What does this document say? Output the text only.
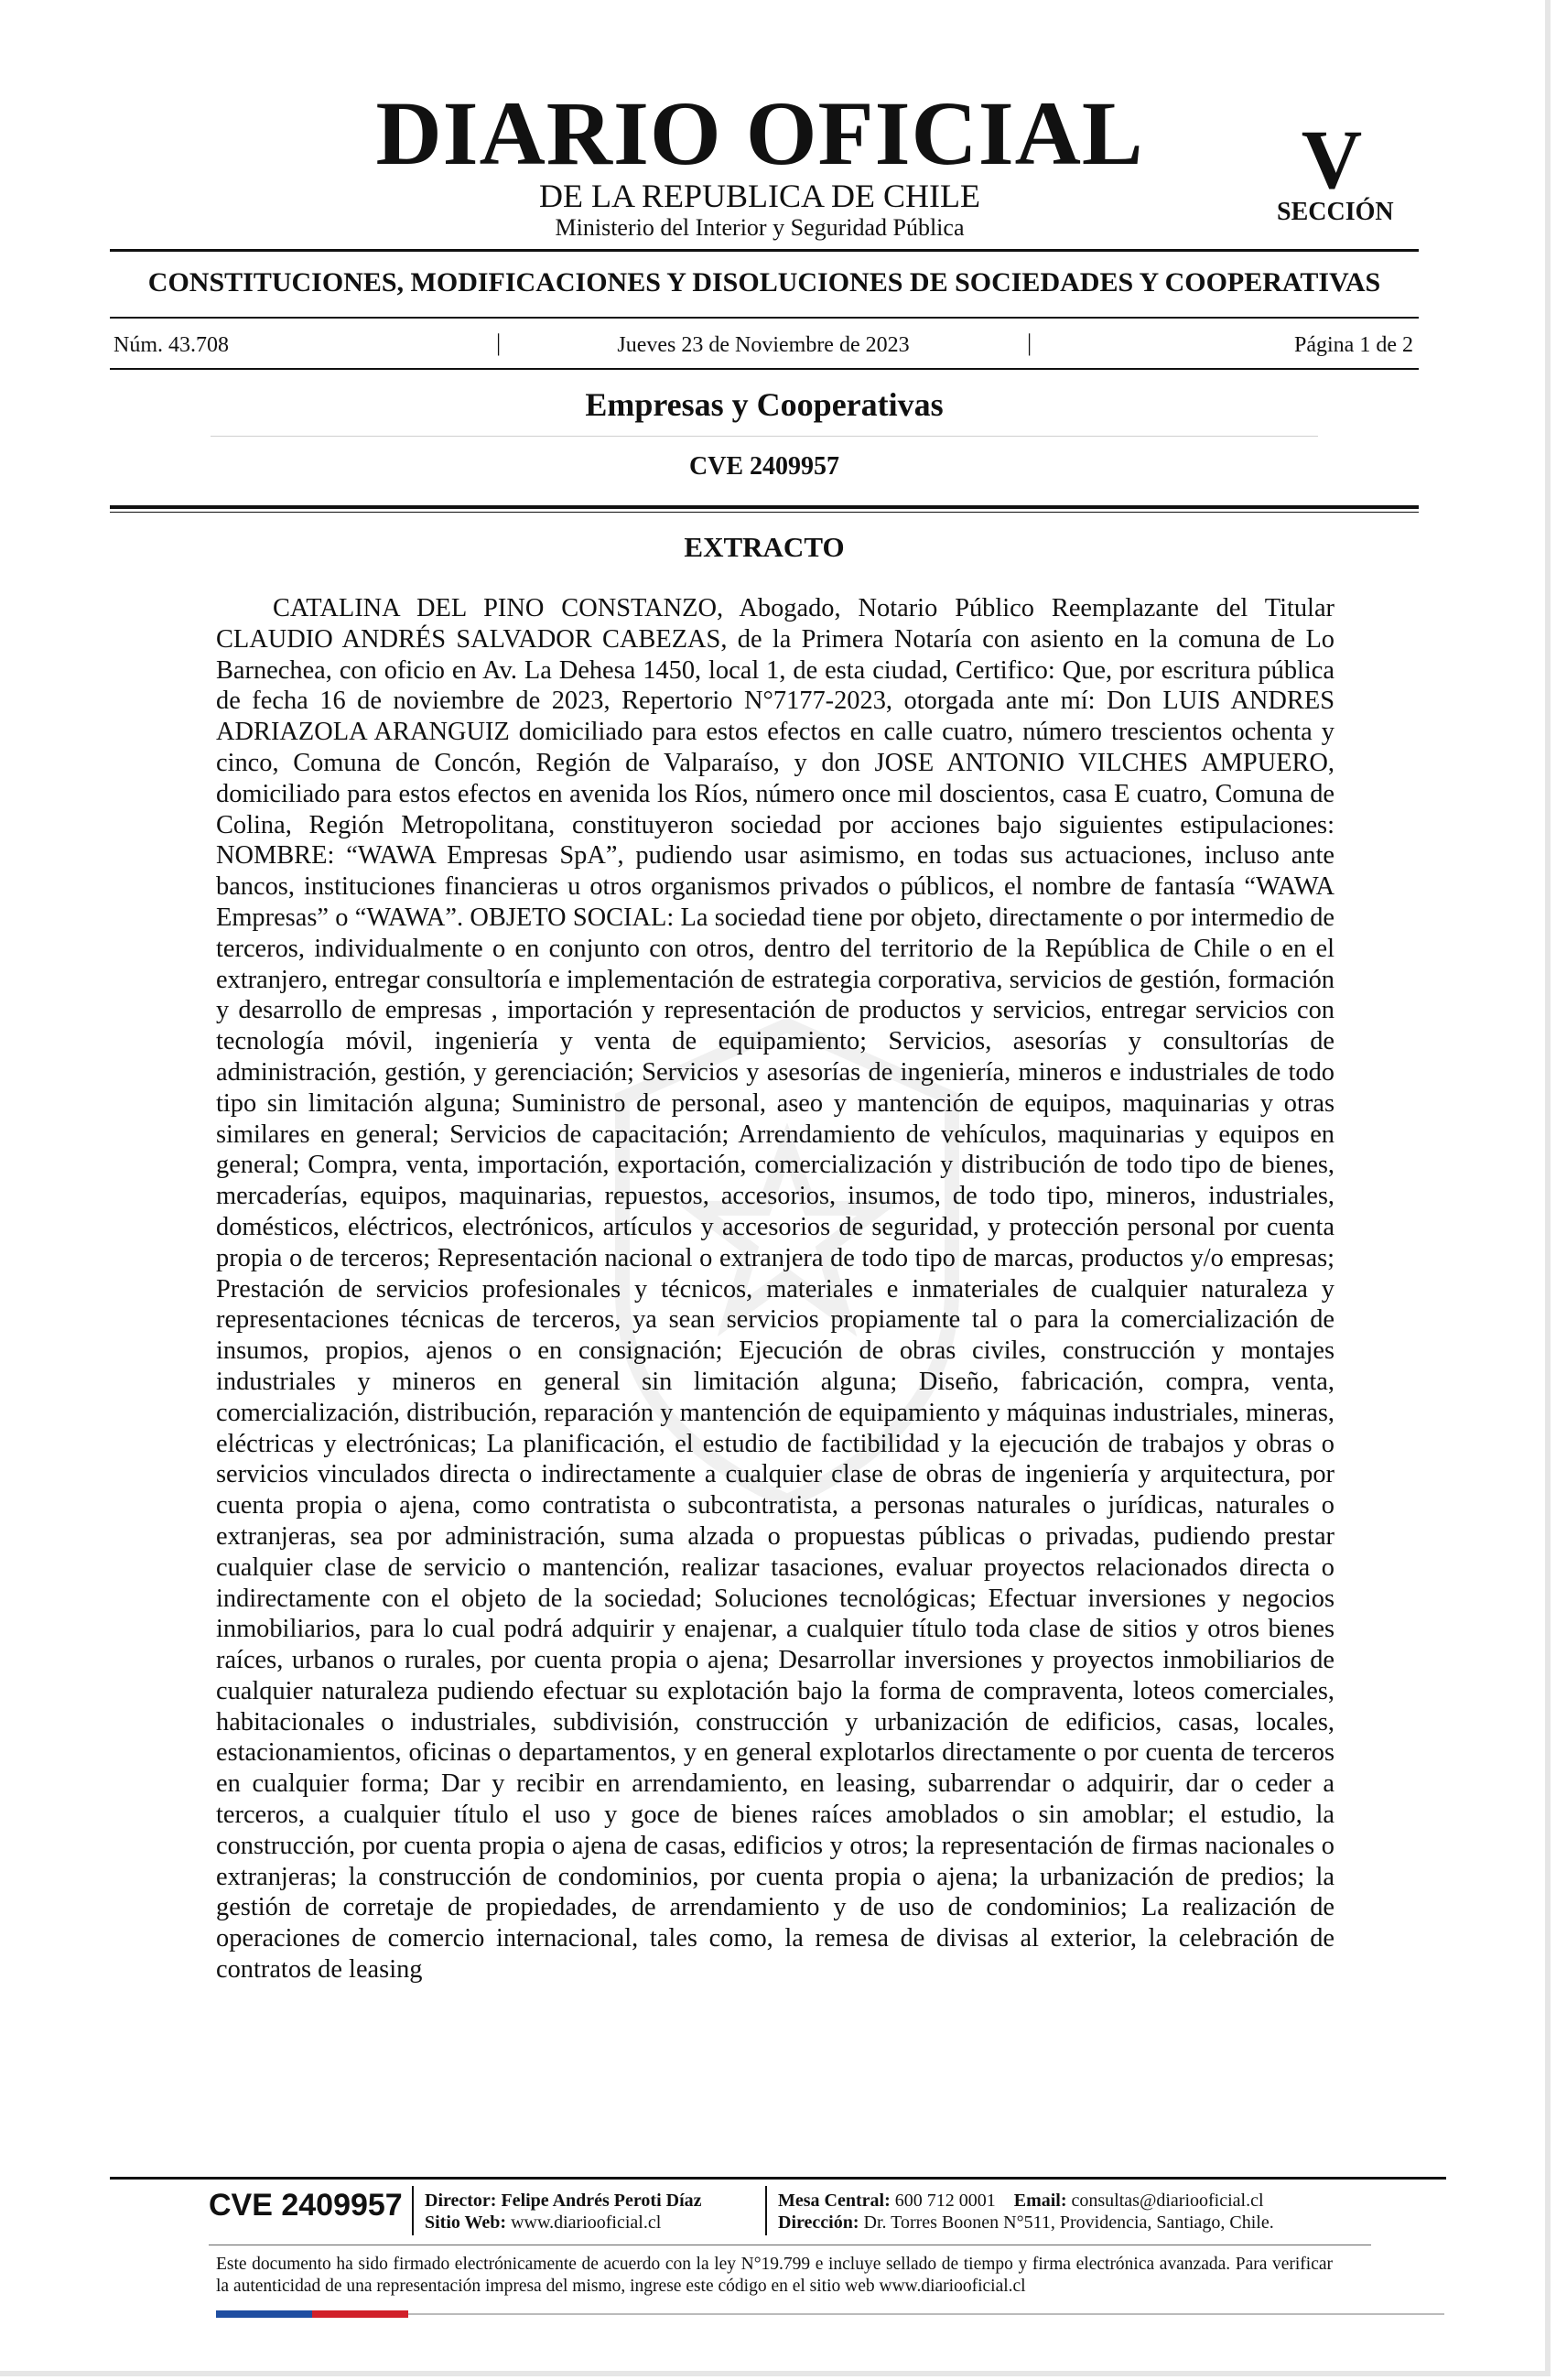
DIARIO OFICIAL
DE LA REPUBLICA DE CHILE
Ministerio del Interior y Seguridad Pública
V
SECCIÓN
CONSTITUCIONES, MODIFICACIONES Y DISOLUCIONES DE SOCIEDADES Y COOPERATIVAS
Núm. 43.708	|	Jueves 23 de Noviembre de 2023	|	Página 1 de 2
Empresas y Cooperativas
CVE 2409957
EXTRACTO
CATALINA DEL PINO CONSTANZO, Abogado, Notario Público Reemplazante del Titular CLAUDIO ANDRÉS SALVADOR CABEZAS, de la Primera Notaría con asiento en la comuna de Lo Barnechea, con oficio en Av. La Dehesa 1450, local 1, de esta ciudad, Certifico: Que, por escritura pública de fecha 16 de noviembre de 2023, Repertorio N°7177-2023, otorgada ante mí: Don LUIS ANDRES ADRIAZOLA ARANGUIZ domiciliado para estos efectos en calle cuatro, número trescientos ochenta y cinco, Comuna de Concón, Región de Valparaíso, y don JOSE ANTONIO VILCHES AMPUERO, domiciliado para estos efectos en avenida los Ríos, número once mil doscientos, casa E cuatro, Comuna de Colina, Región Metropolitana, constituyeron sociedad por acciones bajo siguientes estipulaciones: NOMBRE: “WAWA Empresas SpA”, pudiendo usar asimismo, en todas sus actuaciones, incluso ante bancos, instituciones financieras u otros organismos privados o públicos, el nombre de fantasía “WAWA Empresas” o “WAWA”. OBJETO SOCIAL: La sociedad tiene por objeto, directamente o por intermedio de terceros, individualmente o en conjunto con otros, dentro del territorio de la República de Chile o en el extranjero, entregar consultoría e implementación de estrategia corporativa, servicios de gestión, formación y desarrollo de empresas , importación y representación de productos y servicios, entregar servicios con tecnología móvil, ingeniería y venta de equipamiento; Servicios, asesorías y consultorías de administración, gestión, y gerenciación; Servicios y asesorías de ingeniería, mineros e industriales de todo tipo sin limitación alguna; Suministro de personal, aseo y mantención de equipos, maquinarias y otras similares en general; Servicios de capacitación; Arrendamiento de vehículos, maquinarias y equipos en general; Compra, venta, importación, exportación, comercialización y distribución de todo tipo de bienes, mercaderías, equipos, maquinarias, repuestos, accesorios, insumos, de todo tipo, mineros, industriales, domésticos, eléctricos, electrónicos, artículos y accesorios de seguridad, y protección personal por cuenta propia o de terceros; Representación nacional o extranjera de todo tipo de marcas, productos y/o empresas; Prestación de servicios profesionales y técnicos, materiales e inmateriales de cualquier naturaleza y representaciones técnicas de terceros, ya sean servicios propiamente tal o para la comercialización de insumos, propios, ajenos o en consignación; Ejecución de obras civiles, construcción y montajes industriales y mineros en general sin limitación alguna; Diseño, fabricación, compra, venta, comercialización, distribución, reparación y mantención de equipamiento y máquinas industriales, mineras, eléctricas y electrónicas; La planificación, el estudio de factibilidad y la ejecución de trabajos y obras o servicios vinculados directa o indirectamente a cualquier clase de obras de ingeniería y arquitectura, por cuenta propia o ajena, como contratista o subcontratista, a personas naturales o jurídicas, naturales o extranjeras, sea por administración, suma alzada o propuestas públicas o privadas, pudiendo prestar cualquier clase de servicio o mantención, realizar tasaciones, evaluar proyectos relacionados directa o indirectamente con el objeto de la sociedad; Soluciones tecnológicas; Efectuar inversiones y negocios inmobiliarios, para lo cual podrá adquirir y enajenar, a cualquier título toda clase de sitios y otros bienes raíces, urbanos o rurales, por cuenta propia o ajena; Desarrollar inversiones y proyectos inmobiliarios de cualquier naturaleza pudiendo efectuar su explotación bajo la forma de compraventa, loteos comerciales, habitacionales o industriales, subdivisión, construcción y urbanización de edificios, casas, locales, estacionamientos, oficinas o departamentos, y en general explotarlos directamente o por cuenta de terceros en cualquier forma; Dar y recibir en arrendamiento, en leasing, subarrendar o adquirir, dar o ceder a terceros, a cualquier título el uso y goce de bienes raíces amoblados o sin amoblar; el estudio, la construcción, por cuenta propia o ajena de casas, edificios y otros; la representación de firmas nacionales o extranjeras; la construcción de condominios, por cuenta propia o ajena; la urbanización de predios; la gestión de corretaje de propiedades, de arrendamiento y de uso de condominios; La realización de operaciones de comercio internacional, tales como, la remesa de divisas al exterior, la celebración de contratos de leasing
CVE 2409957 Director: Felipe Andrés Peroti Díaz
Sitio Web: www.diariooficial.cl
Mesa Central: 600 712 0001 Email: consultas@diariooficial.cl
Dirección: Dr. Torres Boonen N°511, Providencia, Santiago, Chile.
Este documento ha sido firmado electrónicamente de acuerdo con la ley N°19.799 e incluye sellado de tiempo y firma electrónica avanzada. Para verificar la autenticidad de una representación impresa del mismo, ingrese este código en el sitio web www.diariooficial.cl
